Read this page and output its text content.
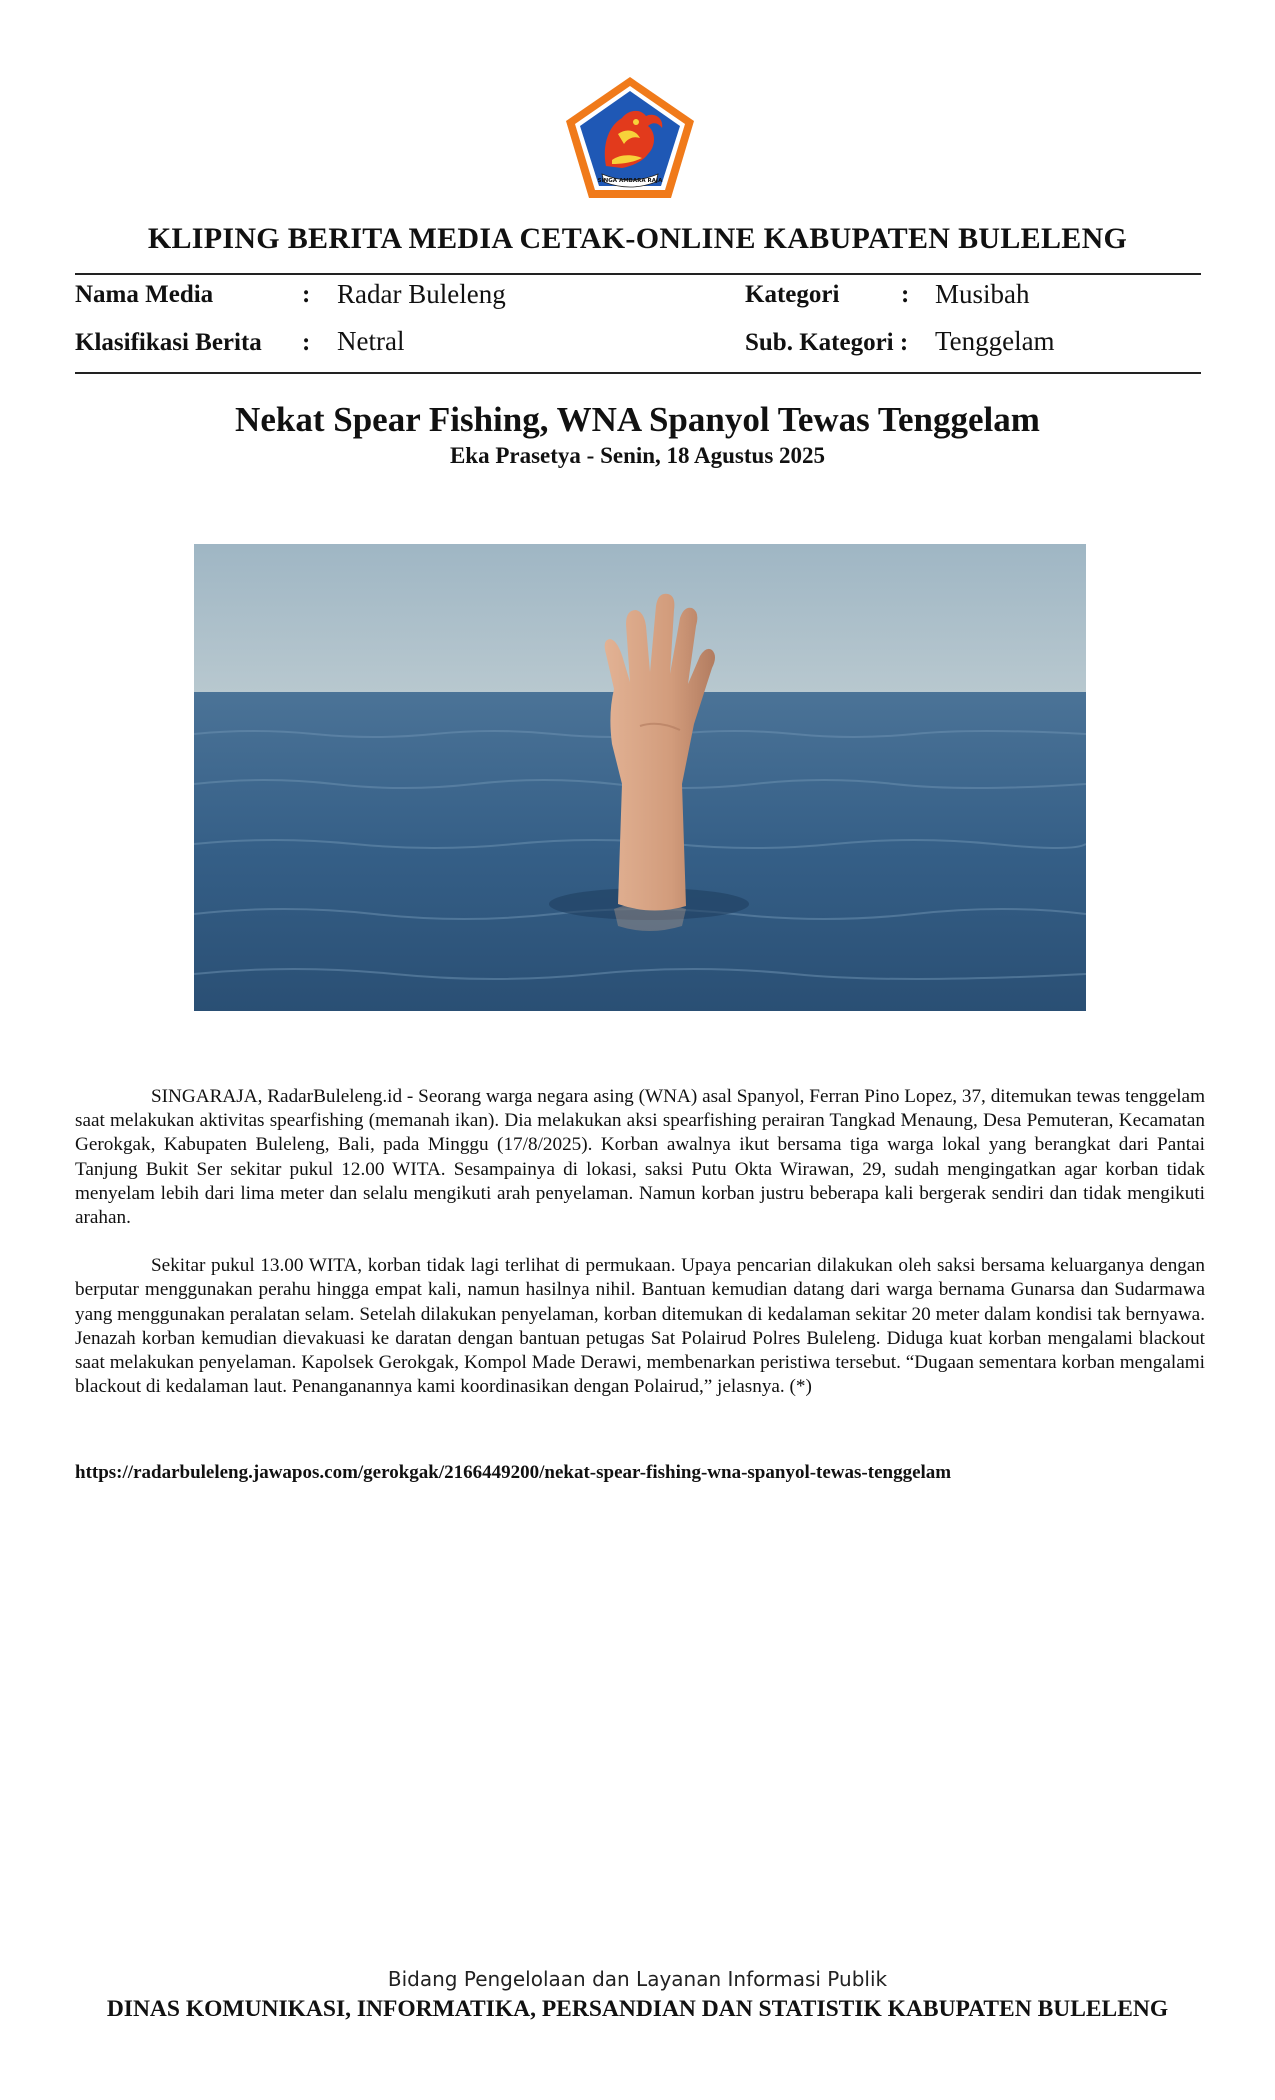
SINGA AMBARA RAJA
KLIPING BERITA MEDIA CETAK-ONLINE KABUPATEN BULELENG
Nama Media	: Radar Buleleng	Kategori : Musibah
Klasifikasi Berita : Netral	Sub. Kategori : Tenggelam
Nekat Spear Fishing, WNA Spanyol Tewas Tenggelam
Eka Prasetya - Senin, 18 Agustus 2025

SINGARAJA, RadarBuleleng.id - Seorang warga negara asing (WNA) asal Spanyol, Ferran Pino Lopez, 37, ditemukan tewas tenggelam saat melakukan aktivitas spearfishing (memanah ikan). Dia melakukan aksi spearfishing perairan Tangkad Menaung, Desa Pemuteran, Kecamatan Gerokgak, Kabupaten Buleleng, Bali, pada Minggu (17/8/2025). Korban awalnya ikut bersama tiga warga lokal yang berangkat dari Pantai Tanjung Bukit Ser sekitar pukul 12.00 WITA. Sesampainya di lokasi, saksi Putu Okta Wirawan, 29, sudah mengingatkan agar korban tidak menyelam lebih dari lima meter dan selalu mengikuti arah penyelaman. Namun korban justru beberapa kali bergerak sendiri dan tidak mengikuti arahan.

Sekitar pukul 13.00 WITA, korban tidak lagi terlihat di permukaan. Upaya pencarian dilakukan oleh saksi bersama keluarganya dengan berputar menggunakan perahu hingga empat kali, namun hasilnya nihil. Bantuan kemudian datang dari warga bernama Gunarsa dan Sudarmawa yang menggunakan peralatan selam. Setelah dilakukan penyelaman, korban ditemukan di kedalaman sekitar 20 meter dalam kondisi tak bernyawa. Jenazah korban kemudian dievakuasi ke daratan dengan bantuan petugas Sat Polairud Polres Buleleng. Diduga kuat korban mengalami blackout saat melakukan penyelaman. Kapolsek Gerokgak, Kompol Made Derawi, membenarkan peristiwa tersebut. “Dugaan sementara korban mengalami blackout di kedalaman laut. Penanganannya kami koordinasikan dengan Polairud,” jelasnya. (*)

https://radarbuleleng.jawapos.com/gerokgak/2166449200/nekat-spear-fishing-wna-spanyol-tewas-tenggelam
Bidang Pengelolaan dan Layanan Informasi Publik
DINAS KOMUNIKASI, INFORMATIKA, PERSANDIAN DAN STATISTIK KABUPATEN BULELENG
